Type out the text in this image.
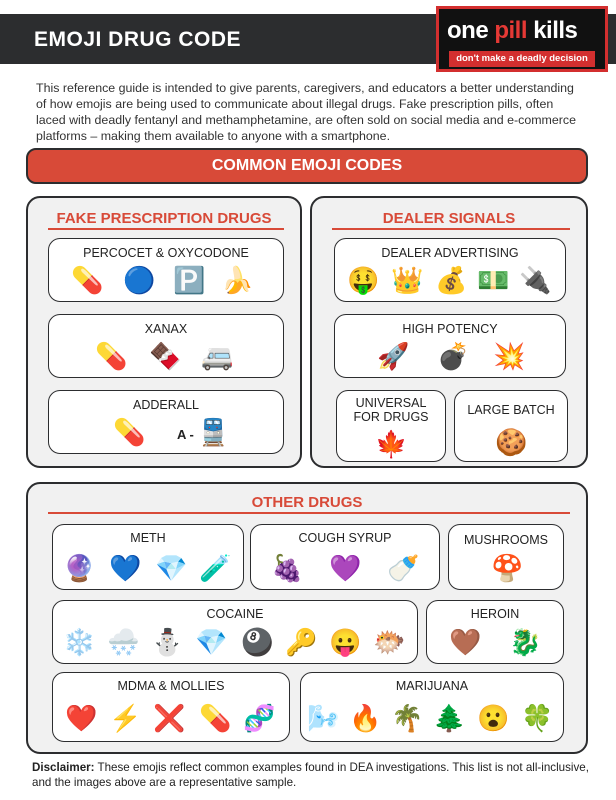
EMOJI DRUG CODE	one pill kills
don't make a deadly decision
This reference guide is intended to give parents, caregivers, and educators a better understanding of how emojis are being used to communicate about illegal drugs. Fake prescription pills, often laced with deadly fentanyl and methamphetamine, are often sold on social media and e-commerce platforms – making them available to anyone with a smartphone.
COMMON EMOJI CODES
FAKE PRESCRIPTION DRUGS
PERCOCET & OXYCODONE
💊 🔵 🅿️ 🍌
XANAX
💊 🍫 🚐
ADDERALL
💊 A - 🚆
DEALER SIGNALS
DEALER ADVERTISING
🤑 👑 💰 💵 🔌
HIGH POTENCY
🚀 💣 💥
UNIVERSAL
FOR DRUGS
🍁
LARGE BATCH
🍪
OTHER DRUGS
METH
🔮 💙 💎 🧪
COUGH SYRUP
🍇 💜 🍼
MUSHROOMS
🍄
COCAINE
❄️ 🌨️ ⛄ 💎 🎱 🔑 😛 🐡
HEROIN
🤎 🐉
MDMA & MOLLIES
❤️ ⚡ ❌ 💊 🧬
MARIJUANA
🌬️ 🔥 🌴 🌲 😮 🍀
Disclaimer: These emojis reflect common examples found in DEA investigations. This list is not all-inclusive, and the images above are a representative sample.
